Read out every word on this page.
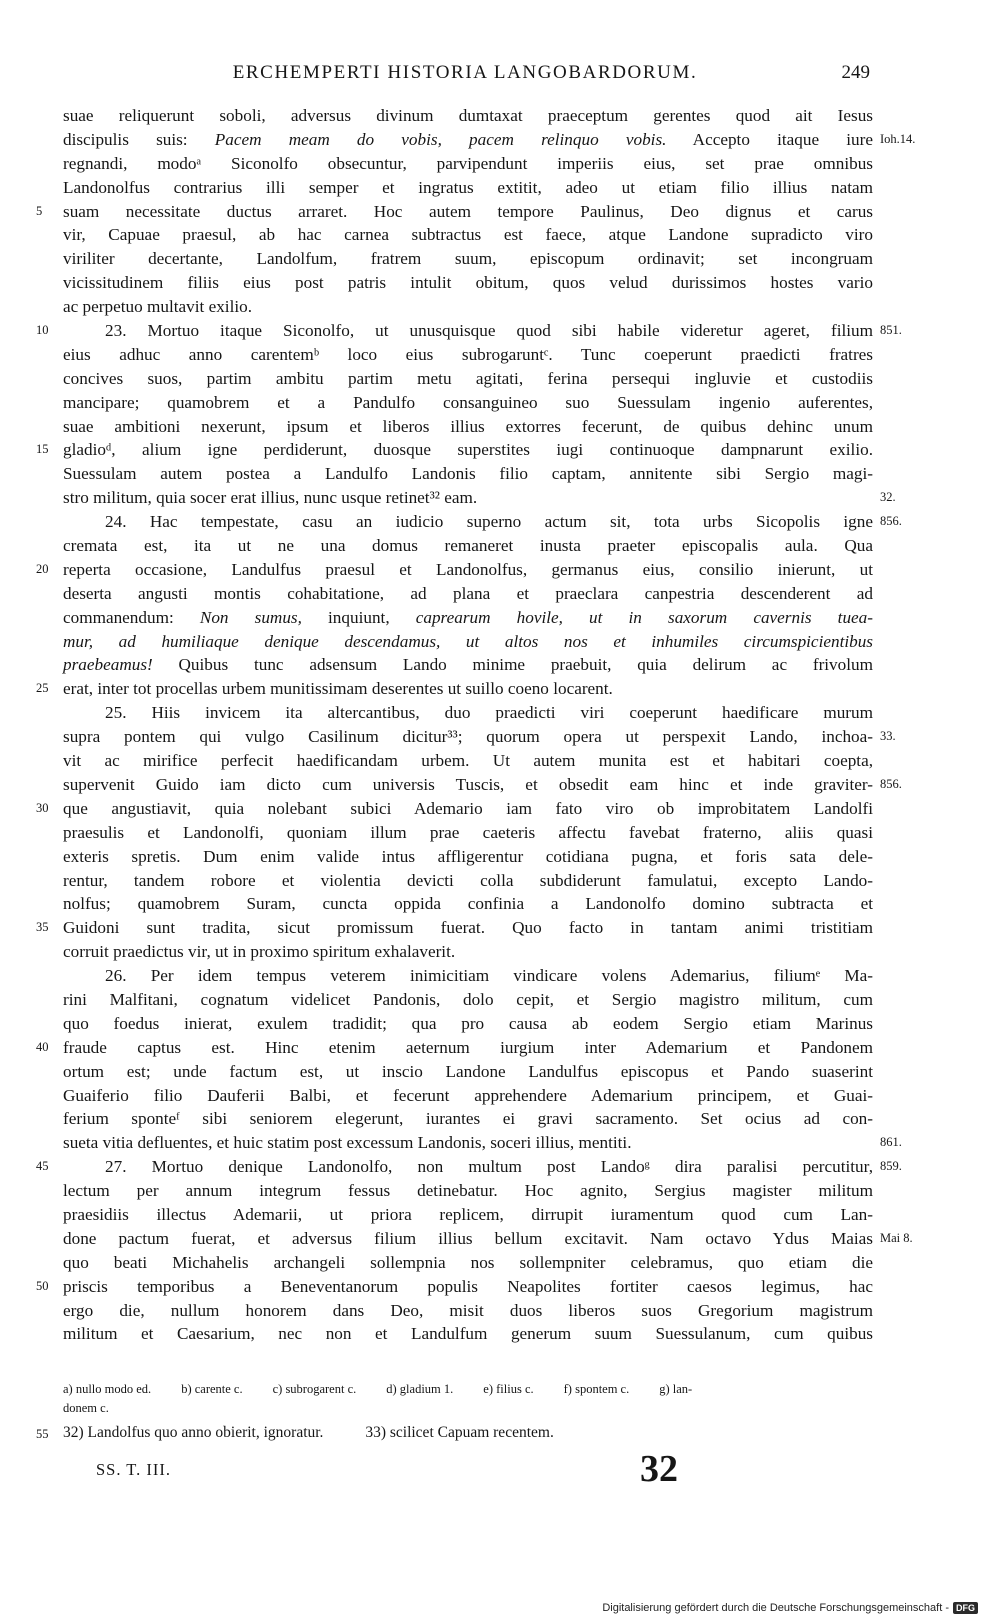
ERCHEMPERTI HISTORIA LANGOBARDORUM.	249
suae reliquerunt soboli, adversus divinum dumtaxat praeceptum gerentes quod ait Iesus
discipulis suis: Pacem meam do vobis, pacem relinquo vobis. Accepto itaque iure Ioh.14.
regnandi, modoᵃ Siconolfo obsecuntur, parvipendunt imperiis eius, set prae omnibus
Landonolfus contrarius illi semper et ingratus extitit, adeo ut etiam filio illius natam
5	suam necessitate ductus arraret. Hoc autem tempore Paulinus, Deo dignus et carus
vir, Capuae praesul, ab hac carnea subtractus est faece, atque Landone supradicto viro
viriliter decertante, Landolfum, fratrem suum, episcopum ordinavit; set incongruam
vicissitudinem filiis eius post patris intulit obitum, quos velud durissimos hostes vario
ac perpetuo multavit exilio.
10	23. Mortuo itaque Siconolfo, ut unusquisque quod sibi habile videretur ageret, filium 851.
eius adhuc anno carentemᵇ loco eius subrogaruntᶜ. Tunc coeperunt praedicti fratres
concives suos, partim ambitu partim metu agitati, ferina persequi ingluvie et custodiis
mancipare; quamobrem et a Pandulfo consanguineo suo Suessulam ingenio auferentes,
suae ambitioni nexerunt, ipsum et liberos illius extorres fecerunt, de quibus dehinc unum
15 gladioᵈ, alium igne perdiderunt, duosque superstites iugi continuoque dampnarunt exilio.
Suessulam autem postea a Landulfo Landonis filio captam, annitente sibi Sergio magi-
stro militum, quia socer erat illius, nunc usque retinet³² eam.	32.
24. Hac tempestate, casu an iudicio superno actum sit, tota urbs Sicopolis igne 856.
cremata est, ita ut ne una domus remaneret inusta praeter episcopalis aula. Qua
20 reperta occasione, Landulfus praesul et Landonolfus, germanus eius, consilio inierunt, ut
deserta angusti montis cohabitatione, ad plana et praeclara canpestria descenderent ad
commanendum: Non sumus, inquiunt, caprearum hovile, ut in saxorum cavernis tuea-
mur, ad humiliaque denique descendamus, ut altos nos et inhumiles circumspicientibus
praebeamus! Quibus tunc adsensum Lando minime praebuit, quia delirum ac frivolum
25 erat, inter tot procellas urbem munitissimam deserentes ut suillo coeno locarent.
25. Hiis invicem ita altercantibus, duo praedicti viri coeperunt haedificare murum
supra pontem qui vulgo Casilinum dicitur³³; quorum opera ut perspexit Lando, inchoa- 33.
vit ac mirifice perfecit haedificandam urbem. Ut autem munita est et habitari coepta,
supervenit Guido iam dicto cum universis Tuscis, et obsedit eam hinc et inde graviter- 856.
30 que angustiavit, quia nolebant subici Ademario iam fato viro ob improbitatem Landolfi
praesulis et Landonolfi, quoniam illum prae caeteris affectu favebat fraterno, aliis quasi
exteris spretis. Dum enim valide intus affligerentur cotidiana pugna, et foris sata dele-
rentur, tandem robore et violentia devicti colla subdiderunt famulatui, excepto Lando-
nolfus; quamobrem Suram, cuncta oppida confinia a Landonolfo domino subtracta et
35 Guidoni sunt tradita, sicut promissum fuerat. Quo facto in tantam animi tristitiam
corruit praedictus vir, ut in proximo spiritum exhalaverit.
26. Per idem tempus veterem inimicitiam vindicare volens Ademarius, filiumᵉ Ma-
rini Malfitani, cognatum videlicet Pandonis, dolo cepit, et Sergio magistro militum, cum
quo foedus inierat, exulem tradidit; qua pro causa ab eodem Sergio etiam Marinus
40 fraude captus est. Hinc etenim aeternum iurgium inter Ademarium et Pandonem
ortum est; unde factum est, ut inscio Landone Landulfus episcopus et Pando suaserint
Guaiferio filio Dauferii Balbi, et fecerunt apprehendere Ademarium principem, et Guai-
ferium sponteᶠ sibi seniorem elegerunt, iurantes ei gravi sacramento. Set ocius ad con-
sueta vitia defluentes, et huic statim post excessum Landonis, soceri illius, mentiti.	861.
45	27. Mortuo denique Landonolfo, non multum post Landoᵍ dira paralisi percutitur, 859.
lectum per annum integrum fessus detinebatur. Hoc agnito, Sergius magister militum
praesidiis illectus Ademarii, ut priora replicem, dirrupit iuramentum quod cum Lan-
done pactum fuerat, et adversus filium illius bellum excitavit. Nam octavo Ydus Maias Mai 8.
quo beati Michahelis archangeli sollempnia nos sollempniter celebramus, quo etiam die
50 priscis temporibus a Beneventanorum populis Neapolites fortiter caesos legimus, hac
ergo die, nullum honorem dans Deo, misit duos liberos suos Gregorium magistrum
militum et Caesarium, nec non et Landulfum generum suum Suessulanum, cum quibus
a) nullo modo ed. b) carente c. c) subrogarent c. d) gladium 1. e) filius c. f) spontem c. g) lan-
donem c.
55 32) Landolfus quo anno obierit, ignoratur.	33) scilicet Capuam recentem.
SS. T. III.	32
Digitalisierung gefördert durch die Deutsche Forschungsgemeinschaft - DFG
